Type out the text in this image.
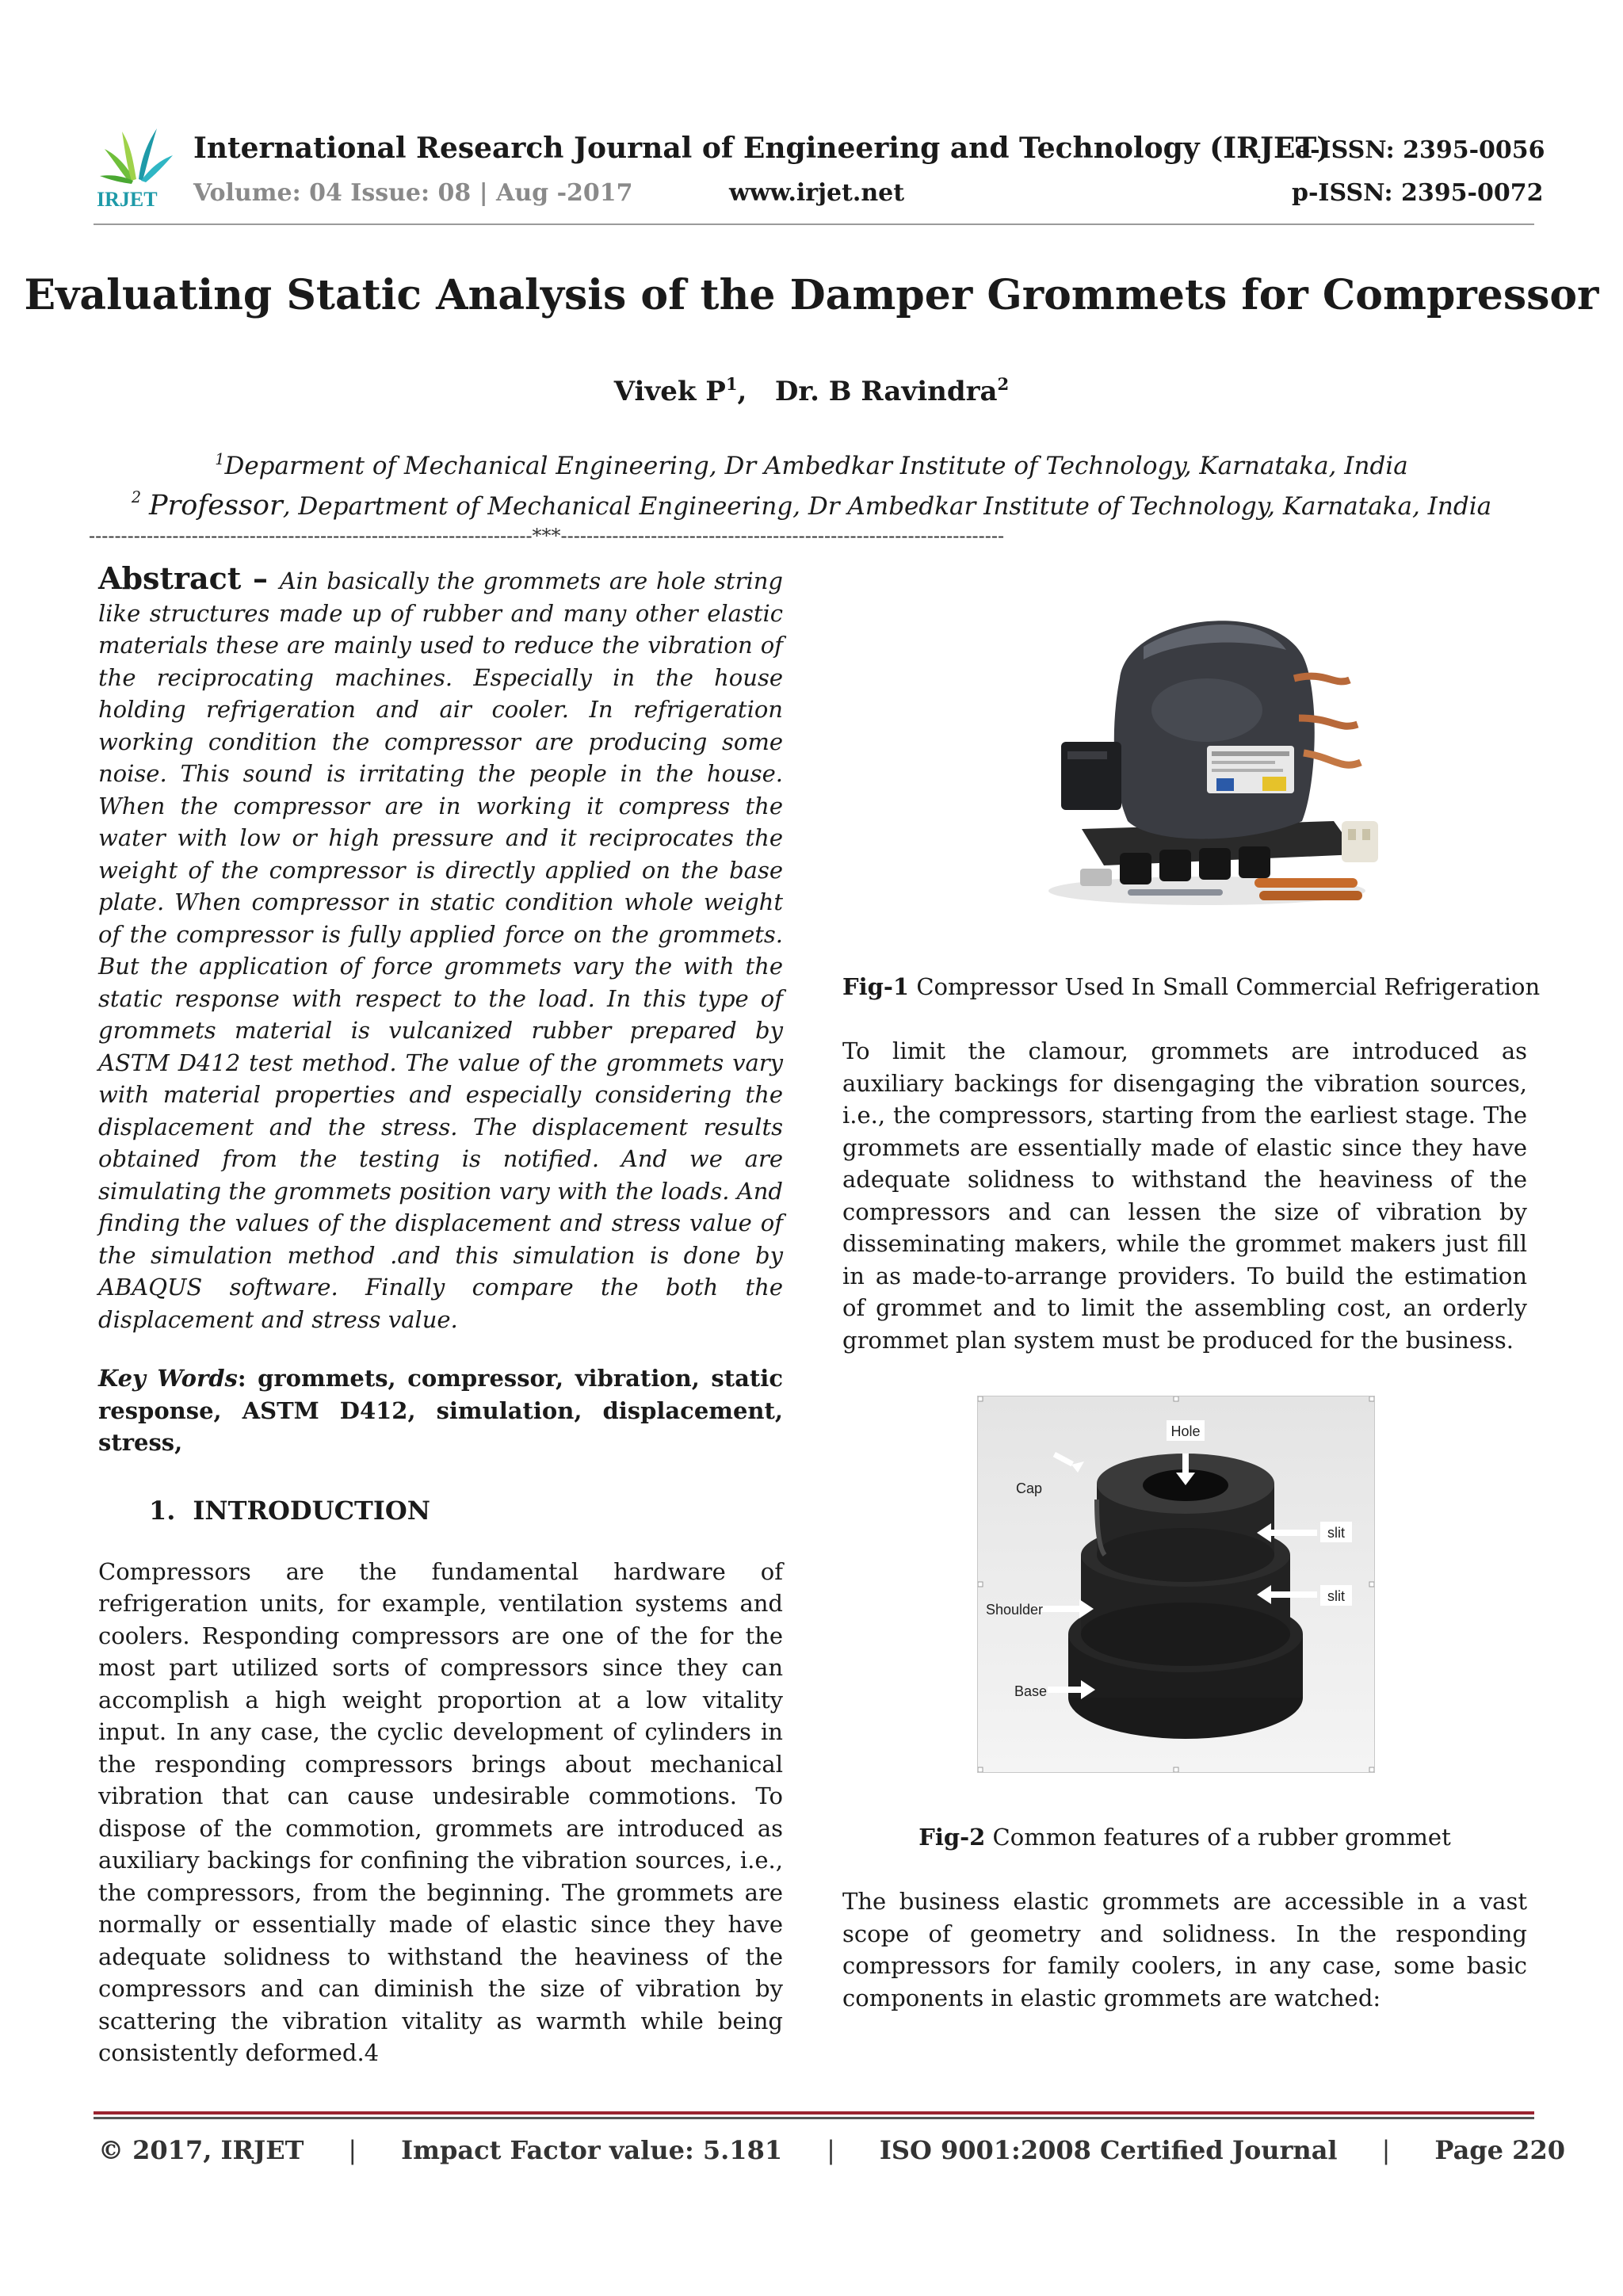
IRJET
International Research Journal of Engineering and Technology (IRJET)
e-ISSN: 2395-0056
Volume: 04 Issue: 08 | Aug -2017	www.irjet.net	p-ISSN: 2395-0072
Evaluating Static Analysis of the Damper Grommets for Compressor
Vivek $P^1$,   Dr. B Ravindra$^2$
$^1$Deparment of Mechanical Engineering, Dr Ambedkar Institute of Technology, Karnataka, India
$^2$ Professor, Department of Mechanical Engineering, Dr Ambedkar Institute of Technology, Karnataka, India
---------------------------------------------------------------------***---------------------------------------------------------------------

Abstract – Ain basically the grommets are hole string like structures made up of rubber and many other elastic materials these are mainly used to reduce the vibration of the reciprocating machines. Especially in the house holding refrigeration and air cooler. In refrigeration working condition the compressor are producing some noise. This sound is irritating the people in the house. When the compressor are in working it compress the water with low or high pressure and it reciprocates the weight of the compressor is directly applied on the base plate. When compressor in static condition whole weight of the compressor is fully applied force on the grommets. But the application of force grommets vary the with the static response with respect to the load. In this type of grommets material is vulcanized rubber prepared by ASTM D412 test method. The value of the grommets vary with material properties and especially considering the displacement and the stress. The displacement results obtained from the testing is notified. And we are simulating the grommets position vary with the loads. And finding the values of the displacement and stress value of the simulation method .and this simulation is done by ABAQUS software. Finally compare the both the displacement and stress value.

Key Words: grommets, compressor, vibration, static response, ASTM D412, simulation, displacement, stress,

1. INTRODUCTION

Compressors are the fundamental hardware of refrigeration units, for example, ventilation systems and coolers. Responding compressors are one of the for the most part utilized sorts of compressors since they can accomplish a high weight proportion at a low vitality input. In any case, the cyclic development of cylinders in the responding compressors brings about mechanical vibration that can cause undesirable commotions. To dispose of the commotion, grommets are introduced as auxiliary backings for confining the vibration sources, i.e., the compressors, from the beginning. The grommets are normally or essentially made of elastic since they have adequate solidness to withstand the heaviness of the compressors and can diminish the size of vibration by scattering the vibration vitality as warmth while being consistently deformed.4

Fig-1 Compressor Used In Small Commercial Refrigeration

To limit the clamour, grommets are introduced as auxiliary backings for disengaging the vibration sources, i.e., the compressors, starting from the earliest stage. The grommets are essentially made of elastic since they have adequate solidness to withstand the heaviness of the compressors and can lessen the size of vibration by disseminating makers, while the grommet makers just fill in as made-to-arrange providers. To build the estimation of grommet and to limit the assembling cost, an orderly grommet plan system must be produced for the business.

Hole
Cap
slit
Shoulder
slit
Base
Fig-2 Common features of a rubber grommet

The business elastic grommets are accessible in a vast scope of geometry and solidness. In the responding compressors for family coolers, in any case, some basic components in elastic grommets are watched:

© 2017, IRJET | Impact Factor value: 5.181 | ISO 9001:2008 Certified Journal | Page 220
